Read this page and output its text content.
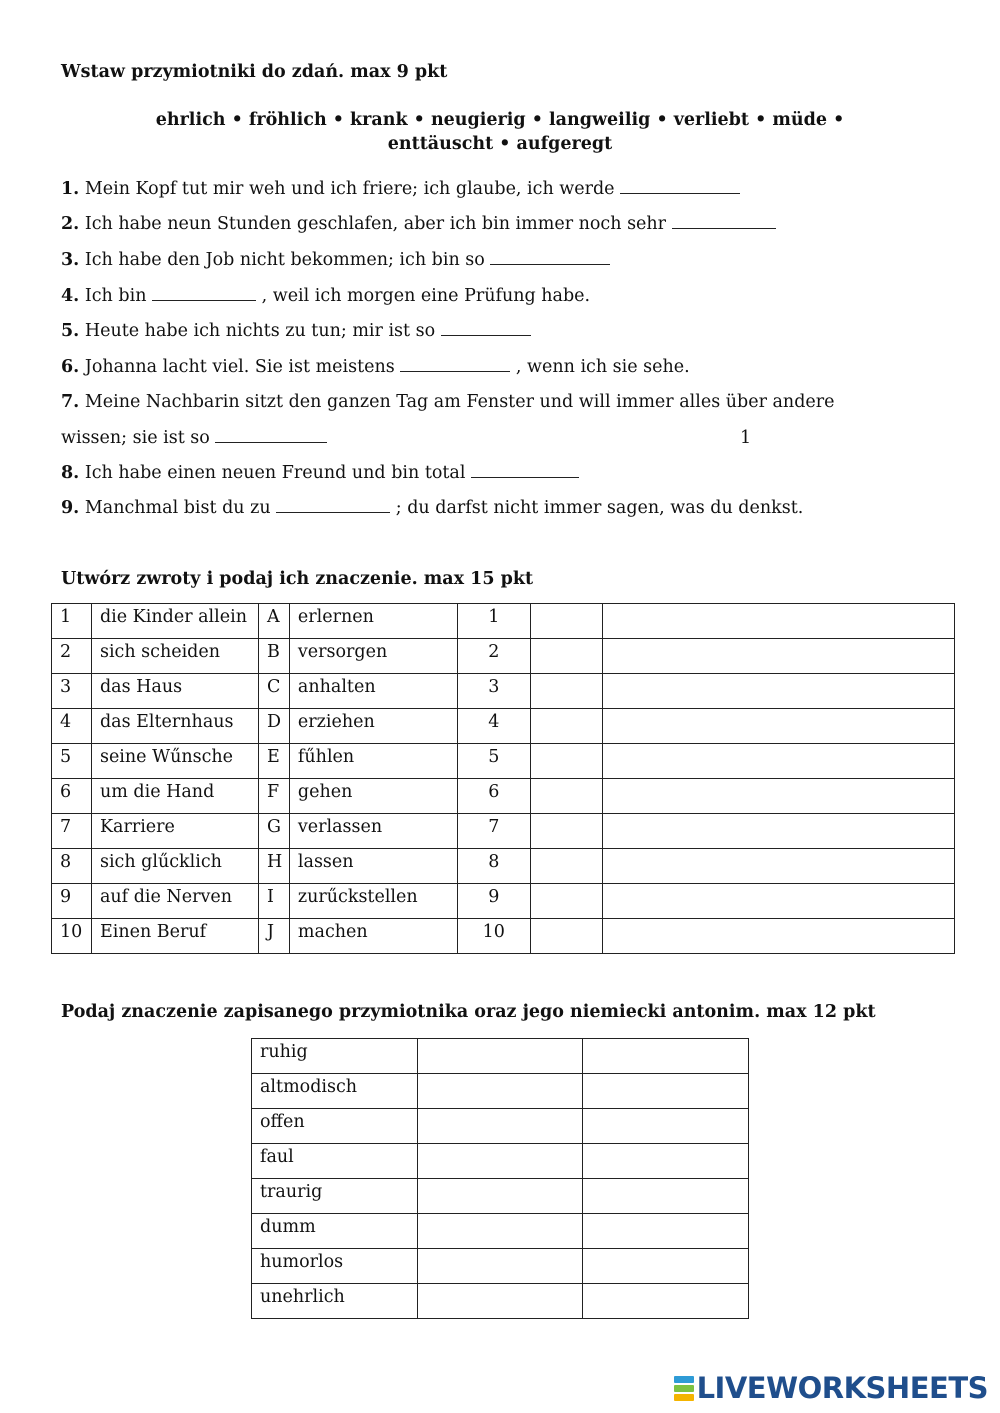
Wstaw przymiotniki do zdań. max 9 pkt
ehrlich • fröhlich • krank • neugierig • langweilig • verliebt • müde •
enttäuscht • aufgeregt
1. Mein Kopf tut mir weh und ich friere; ich glaube, ich werde
2. Ich habe neun Stunden geschlafen, aber ich bin immer noch sehr
3. Ich habe den Job nicht bekommen; ich bin so
4. Ich bin	, weil ich morgen eine Prüfung habe.
5. Heute habe ich nichts zu tun; mir ist so
6. Johanna lacht viel. Sie ist meistens	, wenn ich sie sehe.
7. Meine Nachbarin sitzt den ganzen Tag am Fenster und will immer alles über andere
wissen; sie ist so
8. Ich habe einen neuen Freund und bin total
9. Manchmal bist du zu	; du darfst nicht immer sagen, was du denkst.
1
Utwórz zwroty i podaj ich znaczenie. max 15 pkt
1	die Kinder allein	A	erlernen	1		

2	sich scheiden	B	versorgen	2		

3	das Haus	C	anhalten	3		

4	das Elternhaus	D	erziehen	4		

5	seine Wűnsche	E	fűhlen	5		

6	um die Hand	F	gehen	6		

7	Karriere	G	verlassen	7		

8	sich glűcklich	H	lassen	8		

9	auf die Nerven	I	zurűckstellen	9		

10	Einen Beruf	J	machen	10		

Podaj znaczenie zapisanego przymiotnika oraz jego niemiecki antonim. max 12 pkt
ruhig		

altmodisch		

offen		

faul		

traurig		

dumm		

humorlos		

unehrlich		

LIVEWORKSHEETS
